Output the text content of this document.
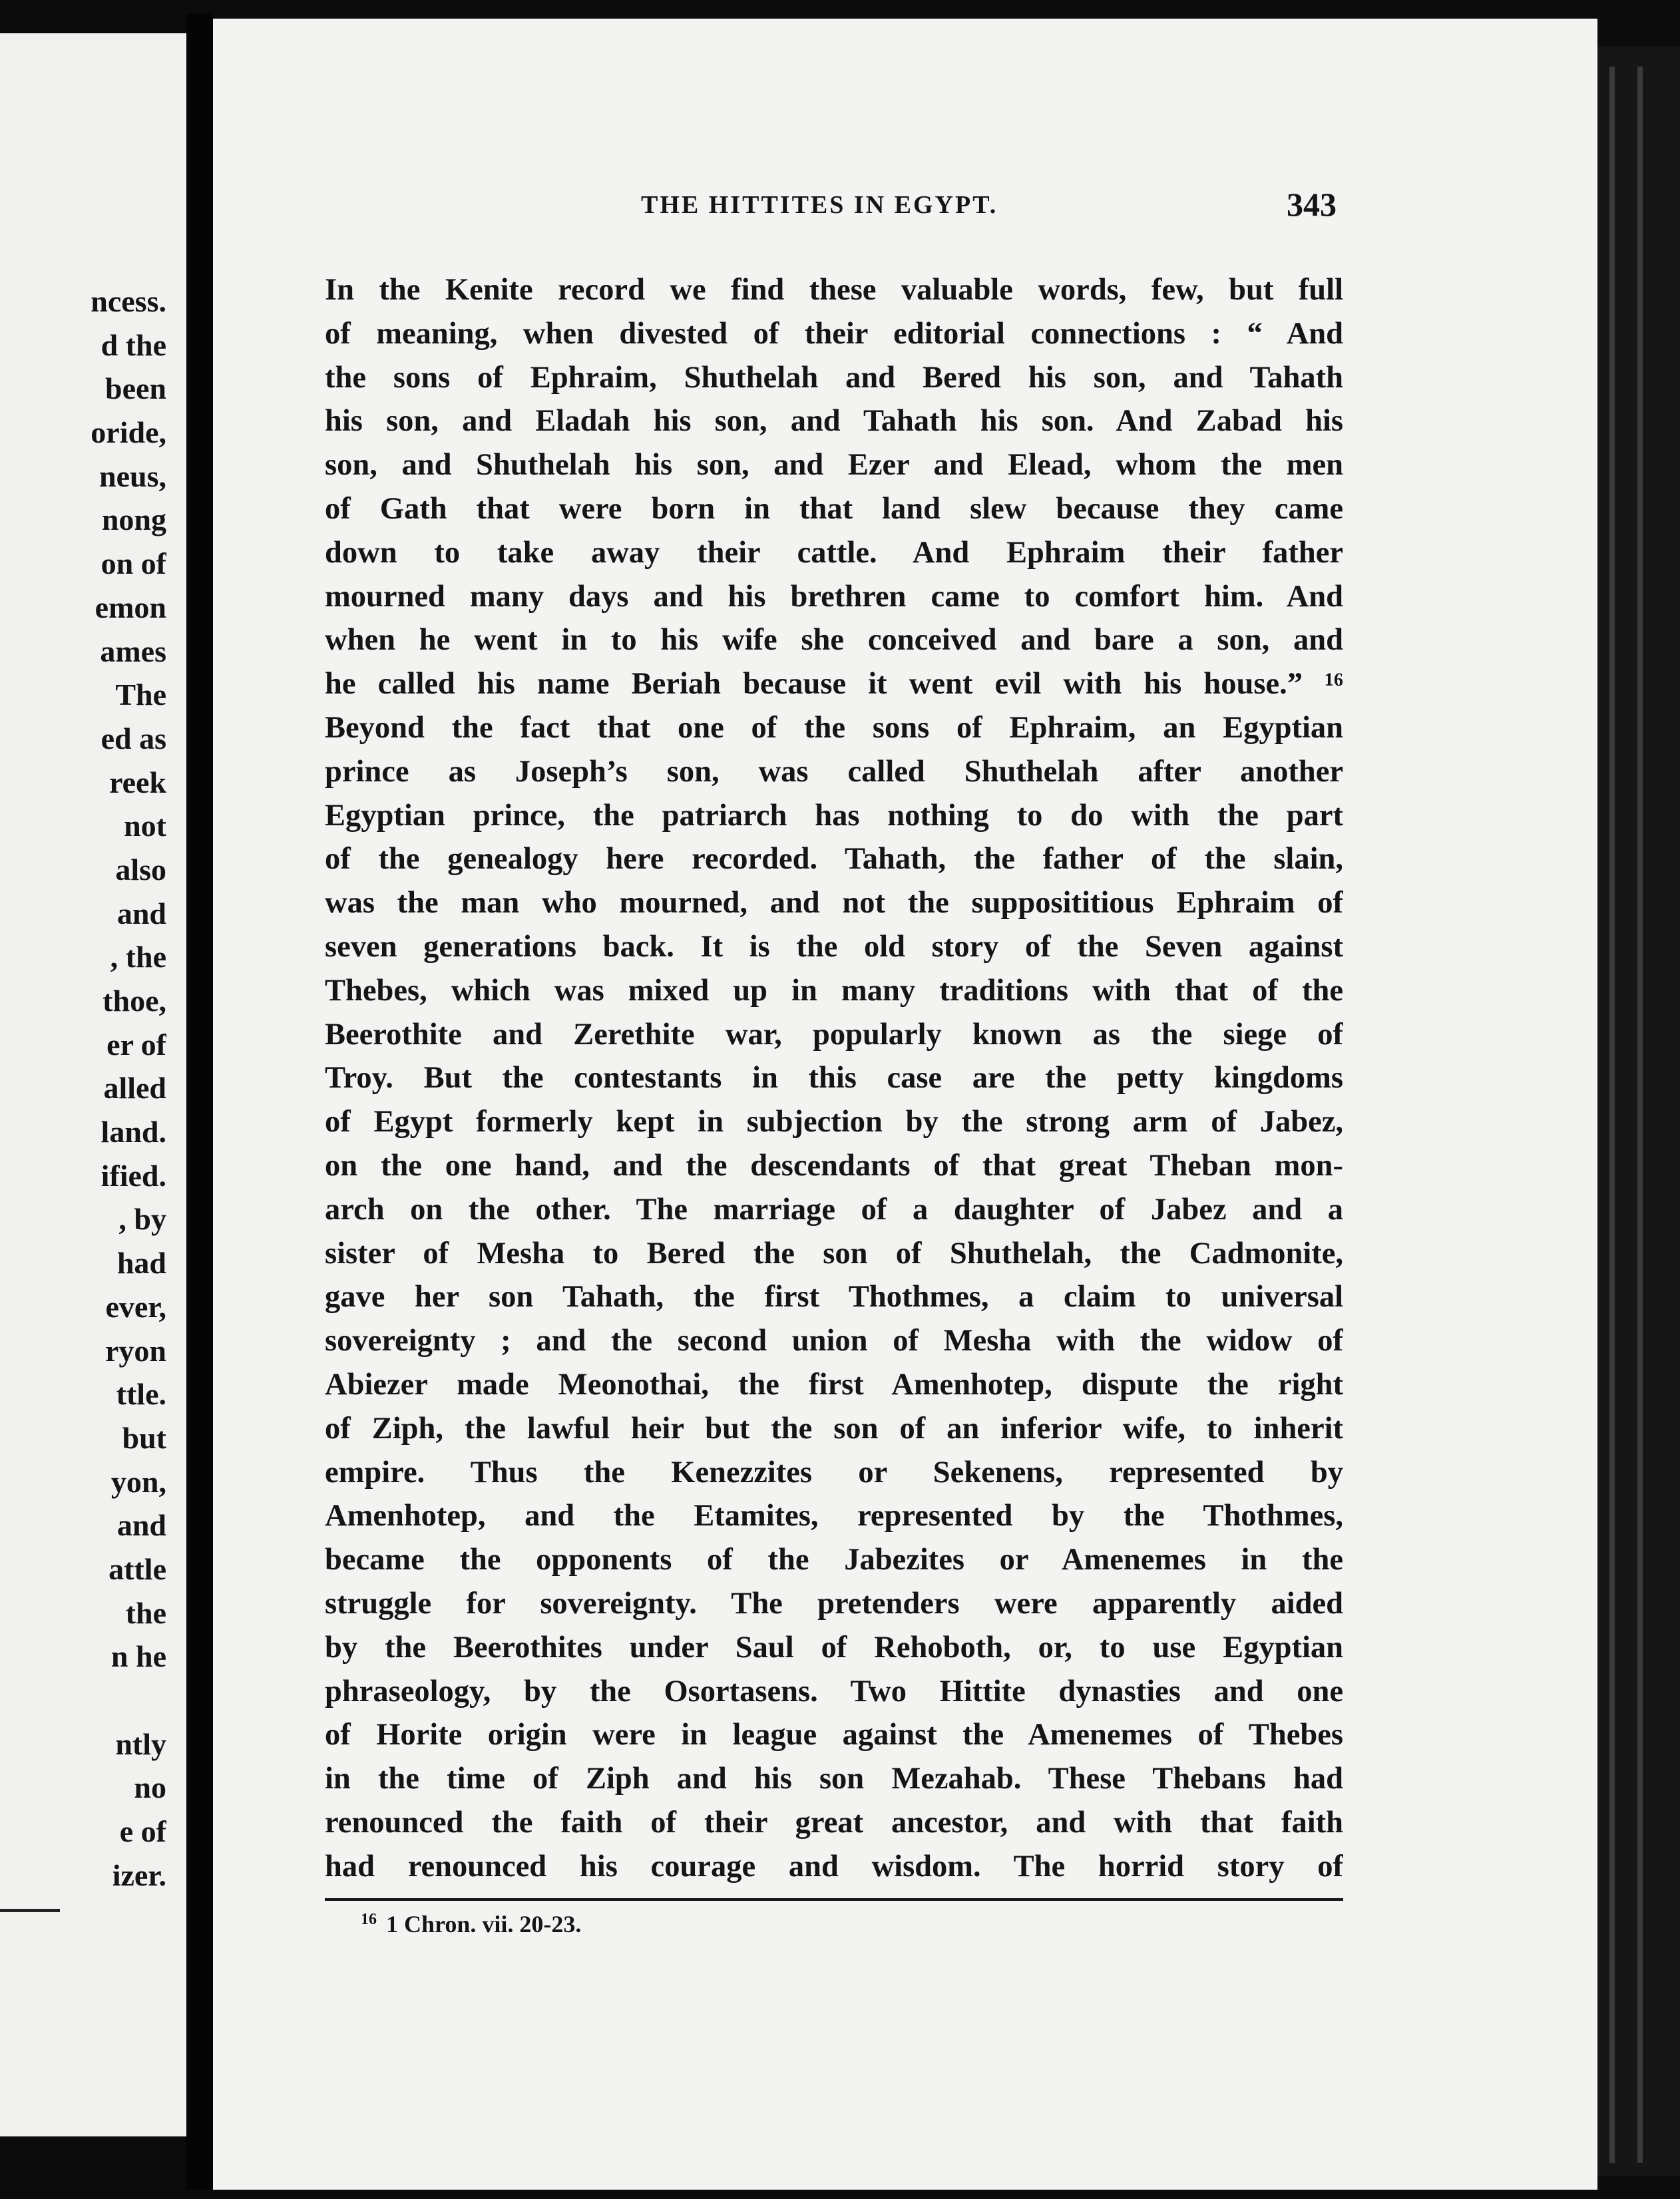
ncess.
d the
been
oride,
neus,
nong
on of
emon
ames
The
ed as
reek
not
also
and
, the
thoe,
er of
alled
land.
ified.
, by
had
ever,
ryon
ttle.
but
yon,
and
attle
the
n he
ntly
no
e of
izer.
THE HITTITES IN EGYPT.	343
In the Kenite record we find these valuable words, few, but full
of meaning, when divested of their editorial connections : “ And
the sons of Ephraim, Shuthelah and Bered his son, and Tahath
his son, and Eladah his son, and Tahath his son. And Zabad his
son, and Shuthelah his son, and Ezer and Elead, whom the men
of Gath that were born in that land slew because they came
down to take away their cattle. And Ephraim their father
mourned many days and his brethren came to comfort him. And
when he went in to his wife she conceived and bare a son, and
he called his name Beriah because it went evil with his house.” ¹⁶
Beyond the fact that one of the sons of Ephraim, an Egyptian
prince as Joseph’s son, was called Shuthelah after another
Egyptian prince, the patriarch has nothing to do with the part
of the genealogy here recorded. Tahath, the father of the slain,
was the man who mourned, and not the supposititious Ephraim of
seven generations back. It is the old story of the Seven against
Thebes, which was mixed up in many traditions with that of the
Beerothite and Zerethite war, popularly known as the siege of
Troy. But the contestants in this case are the petty kingdoms
of Egypt formerly kept in subjection by the strong arm of Jabez,
on the one hand, and the descendants of that great Theban mon-
arch on the other. The marriage of a daughter of Jabez and a
sister of Mesha to Bered the son of Shuthelah, the Cadmonite,
gave her son Tahath, the first Thothmes, a claim to universal
sovereignty ; and the second union of Mesha with the widow of
Abiezer made Meonothai, the first Amenhotep, dispute the right
of Ziph, the lawful heir but the son of an inferior wife, to inherit
empire. Thus the Kenezzites or Sekenens, represented by
Amenhotep, and the Etamites, represented by the Thothmes,
became the opponents of the Jabezites or Amenemes in the
struggle for sovereignty. The pretenders were apparently aided
by the Beerothites under Saul of Rehoboth, or, to use Egyptian
phraseology, by the Osortasens. Two Hittite dynasties and one
of Horite origin were in league against the Amenemes of Thebes
in the time of Ziph and his son Mezahab. These Thebans had
renounced the faith of their great ancestor, and with that faith
had renounced his courage and wisdom. The horrid story of
$^{16}$ 1 Chron. vii. 20-23.
